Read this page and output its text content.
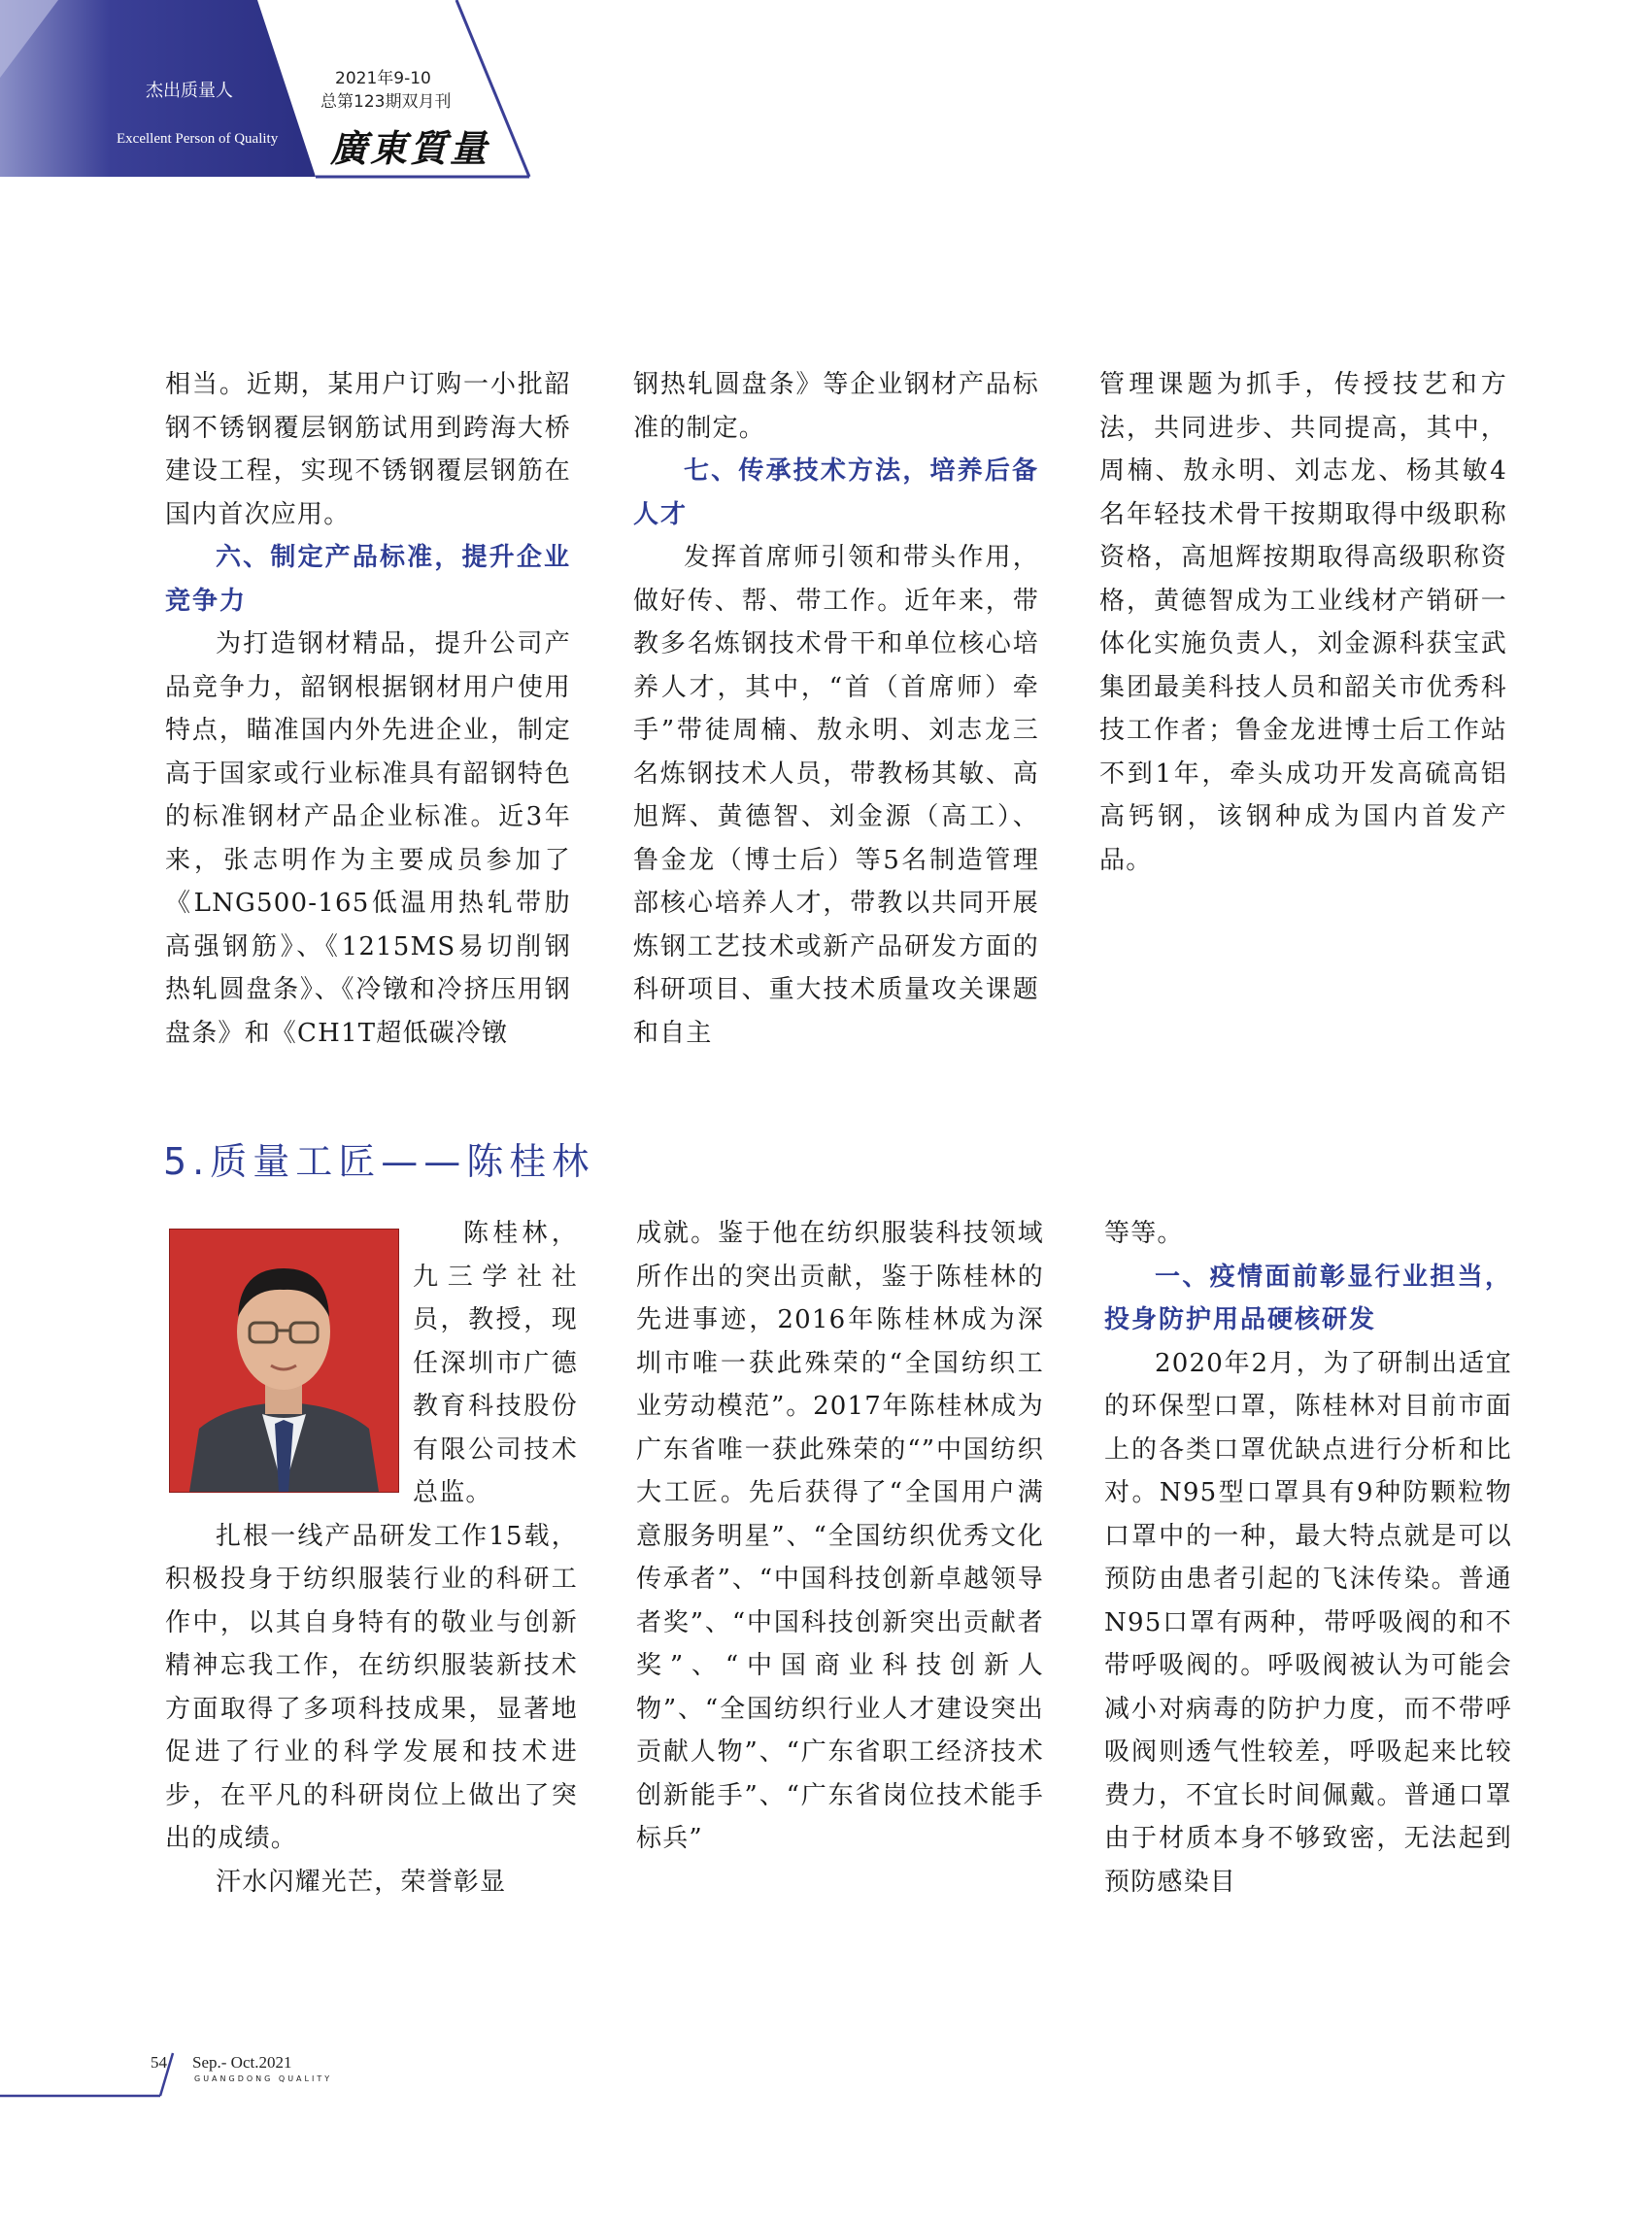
杰出质量人
Excellent Person of Quality
2021年9-10
总第123期双月刊
廣東質量

相当。近期，某用户订购一小批韶钢不锈钢覆层钢筋试用到跨海大桥建设工程，实现不锈钢覆层钢筋在国内首次应用。

六、制定产品标准，提升企业竞争力

为打造钢材精品，提升公司产品竞争力，韶钢根据钢材用户使用特点，瞄准国内外先进企业，制定高于国家或行业标准具有韶钢特色的标准钢材产品企业标准。近3年来，张志明作为主要成员参加了《LNG500-165低温用热轧带肋高强钢筋》、《1215MS易切削钢热轧圆盘条》、《冷镦和冷挤压用钢盘条》和《CH1T超低碳冷镦

钢热轧圆盘条》等企业钢材产品标准的制定。

七、传承技术方法，培养后备人才

发挥首席师引领和带头作用，做好传、帮、带工作。近年来，带教多名炼钢技术骨干和单位核心培养人才，其中，“首（首席师）牵手”带徒周楠、敖永明、刘志龙三名炼钢技术人员，带教杨其敏、高旭辉、黄德智、刘金源（高工）、鲁金龙（博士后）等5名制造管理部核心培养人才，带教以共同开展炼钢工艺技术或新产品研发方面的科研项目、重大技术质量攻关课题和自主

管理课题为抓手，传授技艺和方法，共同进步、共同提高，其中，周楠、敖永明、刘志龙、杨其敏4名年轻技术骨干按期取得中级职称资格，高旭辉按期取得高级职称资格，黄德智成为工业线材产销研一体化实施负责人，刘金源科获宝武集团最美科技人员和韶关市优秀科技工作者；鲁金龙进博士后工作站不到1年，牵头成功开发高硫高铝高钙钢，该钢种成为国内首发产品。

5.质量工匠——陈桂林

陈桂林，九三学社社员，教授，现任深圳市广德教育科技股份有限公司技术总监。

扎根一线产品研发工作15载，积极投身于纺织服装行业的科研工作中，以其自身特有的敬业与创新精神忘我工作，在纺织服装新技术方面取得了多项科技成果，显著地促进了行业的科学发展和技术进步，在平凡的科研岗位上做出了突出的成绩。

汗水闪耀光芒，荣誉彰显

成就。鉴于他在纺织服装科技领域所作出的突出贡献，鉴于陈桂林的先进事迹，2016年陈桂林成为深圳市唯一获此殊荣的“全国纺织工业劳动模范”。2017年陈桂林成为广东省唯一获此殊荣的“”中国纺织大工匠。先后获得了“全国用户满意服务明星”、“全国纺织优秀文化传承者”、“中国科技创新卓越领导者奖”、“中国科技创新突出贡献者奖”、“中国商业科技创新人物”、“全国纺织行业人才建设突出贡献人物”、“广东省职工经济技术创新能手”、“广东省岗位技术能手标兵”

等等。

一、疫情面前彰显行业担当，投身防护用品硬核研发

2020年2月，为了研制出适宜的环保型口罩，陈桂林对目前市面上的各类口罩优缺点进行分析和比对。N95型口罩具有9种防颗粒物口罩中的一种，最大特点就是可以预防由患者引起的飞沫传染。普通N95口罩有两种，带呼吸阀的和不带呼吸阀的。呼吸阀被认为可能会减小对病毒的防护力度，而不带呼吸阀则透气性较差，呼吸起来比较费力，不宜长时间佩戴。普通口罩由于材质本身不够致密，无法起到预防感染目

54 Sep.- Oct.2021
GUANGDONG QUALITY
